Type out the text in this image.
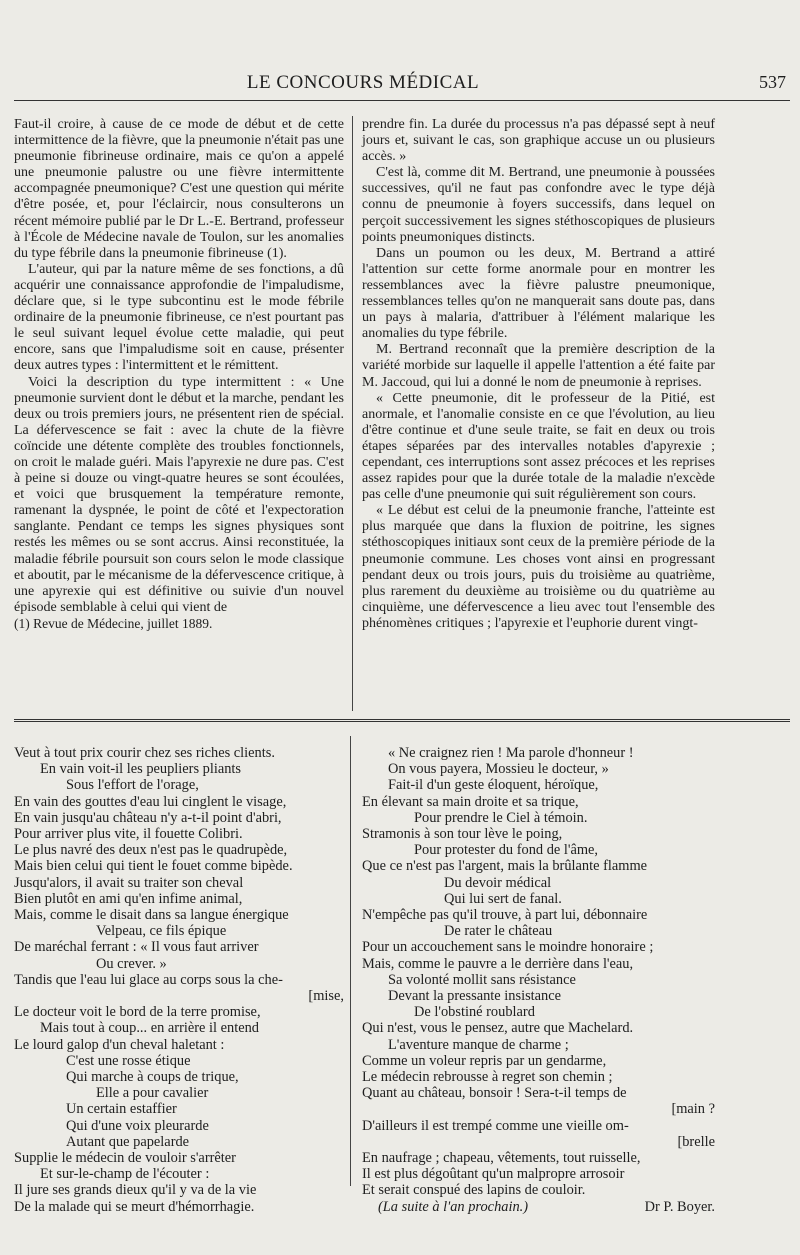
LE CONCOURS MÉDICAL	537

Faut-il croire, à cause de ce mode de début et de cette intermittence de la fièvre, que la pneumonie n'était pas une pneumonie fibrineuse ordinaire, mais ce qu'on a appelé une pneumonie palustre ou une fièvre intermittente accompagnée pneumonique? C'est une question qui mérite d'être posée, et, pour l'éclaircir, nous consulterons un récent mémoire publié par le Dr L.-E. Bertrand, professeur à l'École de Médecine navale de Toulon, sur les anomalies du type fébrile dans la pneumonie fibrineuse (1).

L'auteur, qui par la nature même de ses fonctions, a dû acquérir une connaissance approfondie de l'impaludisme, déclare que, si le type subcontinu est le mode fébrile ordinaire de la pneumonie fibrineuse, ce n'est pourtant pas le seul suivant lequel évolue cette maladie, qui peut encore, sans que l'impaludisme soit en cause, présenter deux autres types : l'intermittent et le rémittent.

Voici la description du type intermittent : « Une pneumonie survient dont le début et la marche, pendant les deux ou trois premiers jours, ne présentent rien de spécial. La défervescence se fait : avec la chute de la fièvre coïncide une détente complète des troubles fonctionnels, on croit le malade guéri. Mais l'apyrexie ne dure pas. C'est à peine si douze ou vingt-quatre heures se sont écoulées, et voici que brusquement la température remonte, ramenant la dyspnée, le point de côté et l'expectoration sanglante. Pendant ce temps les signes physiques sont restés les mêmes ou se sont accrus. Ainsi reconstituée, la maladie fébrile poursuit son cours selon le mode classique et aboutit, par le mécanisme de la défervescence critique, à une apyrexie qui est définitive ou suivie d'un nouvel épisode semblable à celui qui vient de

(1) Revue de Médecine, juillet 1889.

prendre fin. La durée du processus n'a pas dépassé sept à neuf jours et, suivant le cas, son graphique accuse un ou plusieurs accès. »

C'est là, comme dit M. Bertrand, une pneumonie à poussées successives, qu'il ne faut pas confondre avec le type déjà connu de pneumonie à foyers successifs, dans lequel on perçoit successivement les signes stéthoscopiques de plusieurs points pneumoniques distincts.

Dans un poumon ou les deux, M. Bertrand a attiré l'attention sur cette forme anormale pour en montrer les ressemblances avec la fièvre palustre pneumonique, ressemblances telles qu'on ne manquerait sans doute pas, dans un pays à malaria, d'attribuer à l'élément malarique les anomalies du type fébrile.

M. Bertrand reconnaît que la première description de la variété morbide sur laquelle il appelle l'attention a été faite par M. Jaccoud, qui lui a donné le nom de pneumonie à reprises.

« Cette pneumonie, dit le professeur de la Pitié, est anormale, et l'anomalie consiste en ce que l'évolution, au lieu d'être continue et d'une seule traite, se fait en deux ou trois étapes séparées par des intervalles notables d'apyrexie ; cependant, ces interruptions sont assez précoces et les reprises assez rapides pour que la durée totale de la maladie n'excède pas celle d'une pneumonie qui suit régulièrement son cours.

« Le début est celui de la pneumonie franche, l'atteinte est plus marquée que dans la fluxion de poitrine, les signes stéthoscopiques initiaux sont ceux de la première période de la pneumonie commune. Les choses vont ainsi en progressant pendant deux ou trois jours, puis du troisième au quatrième, plus rarement du deuxième au troisième ou du quatrième au cinquième, une défervescence a lieu avec tout l'ensemble des phénomènes critiques ; l'apyrexie et l'euphorie durent vingt-

Veut à tout prix courir chez ses riches clients.
En vain voit-il les peupliers pliants
Sous l'effort de l'orage,
En vain des gouttes d'eau lui cinglent le visage,
En vain jusqu'au château n'y a-t-il point d'abri,
Pour arriver plus vite, il fouette Colibri.
Le plus navré des deux n'est pas le quadrupède,
Mais bien celui qui tient le fouet comme bipède.
Jusqu'alors, il avait su traiter son cheval
Bien plutôt en ami qu'en infime animal,
Mais, comme le disait dans sa langue énergique
Velpeau, ce fils épique
De maréchal ferrant : « Il vous faut arriver
Ou crever. »
Tandis que l'eau lui glace au corps sous la che-
[mise,
Le docteur voit le bord de la terre promise,
Mais tout à coup... en arrière il entend
Le lourd galop d'un cheval haletant :
C'est une rosse étique
Qui marche à coups de trique,
Elle a pour cavalier
Un certain estaffier
Qui d'une voix pleurarde
Autant que papelarde
Supplie le médecin de vouloir s'arrêter
Et sur-le-champ de l'écouter :
Il jure ses grands dieux qu'il y va de la vie
De la malade qui se meurt d'hémorrhagie.
« Ne craignez rien ! Ma parole d'honneur !
On vous payera, Mossieu le docteur, »
Fait-il d'un geste éloquent, héroïque,
En élevant sa main droite et sa trique,
Pour prendre le Ciel à témoin.
Stramonis à son tour lève le poing,
Pour protester du fond de l'âme,
Que ce n'est pas l'argent, mais la brûlante flamme
Du devoir médical
Qui lui sert de fanal.
N'empêche pas qu'il trouve, à part lui, débonnaire
De rater le château
Pour un accouchement sans le moindre honoraire ;
Mais, comme le pauvre a le derrière dans l'eau,
Sa volonté mollit sans résistance
Devant la pressante insistance
De l'obstiné roublard
Qui n'est, vous le pensez, autre que Machelard.
L'aventure manque de charme ;
Comme un voleur repris par un gendarme,
Le médecin rebrousse à regret son chemin ;
Quant au château, bonsoir ! Sera-t-il temps de
[main ?
D'ailleurs il est trempé comme une vieille om-
[brelle
En naufrage ; chapeau, vêtements, tout ruisselle,
Il est plus dégoûtant qu'un malpropre arrosoir
Et serait conspué des lapins de couloir.
(La suite à l'an prochain.)	Dr P. Boyer.
